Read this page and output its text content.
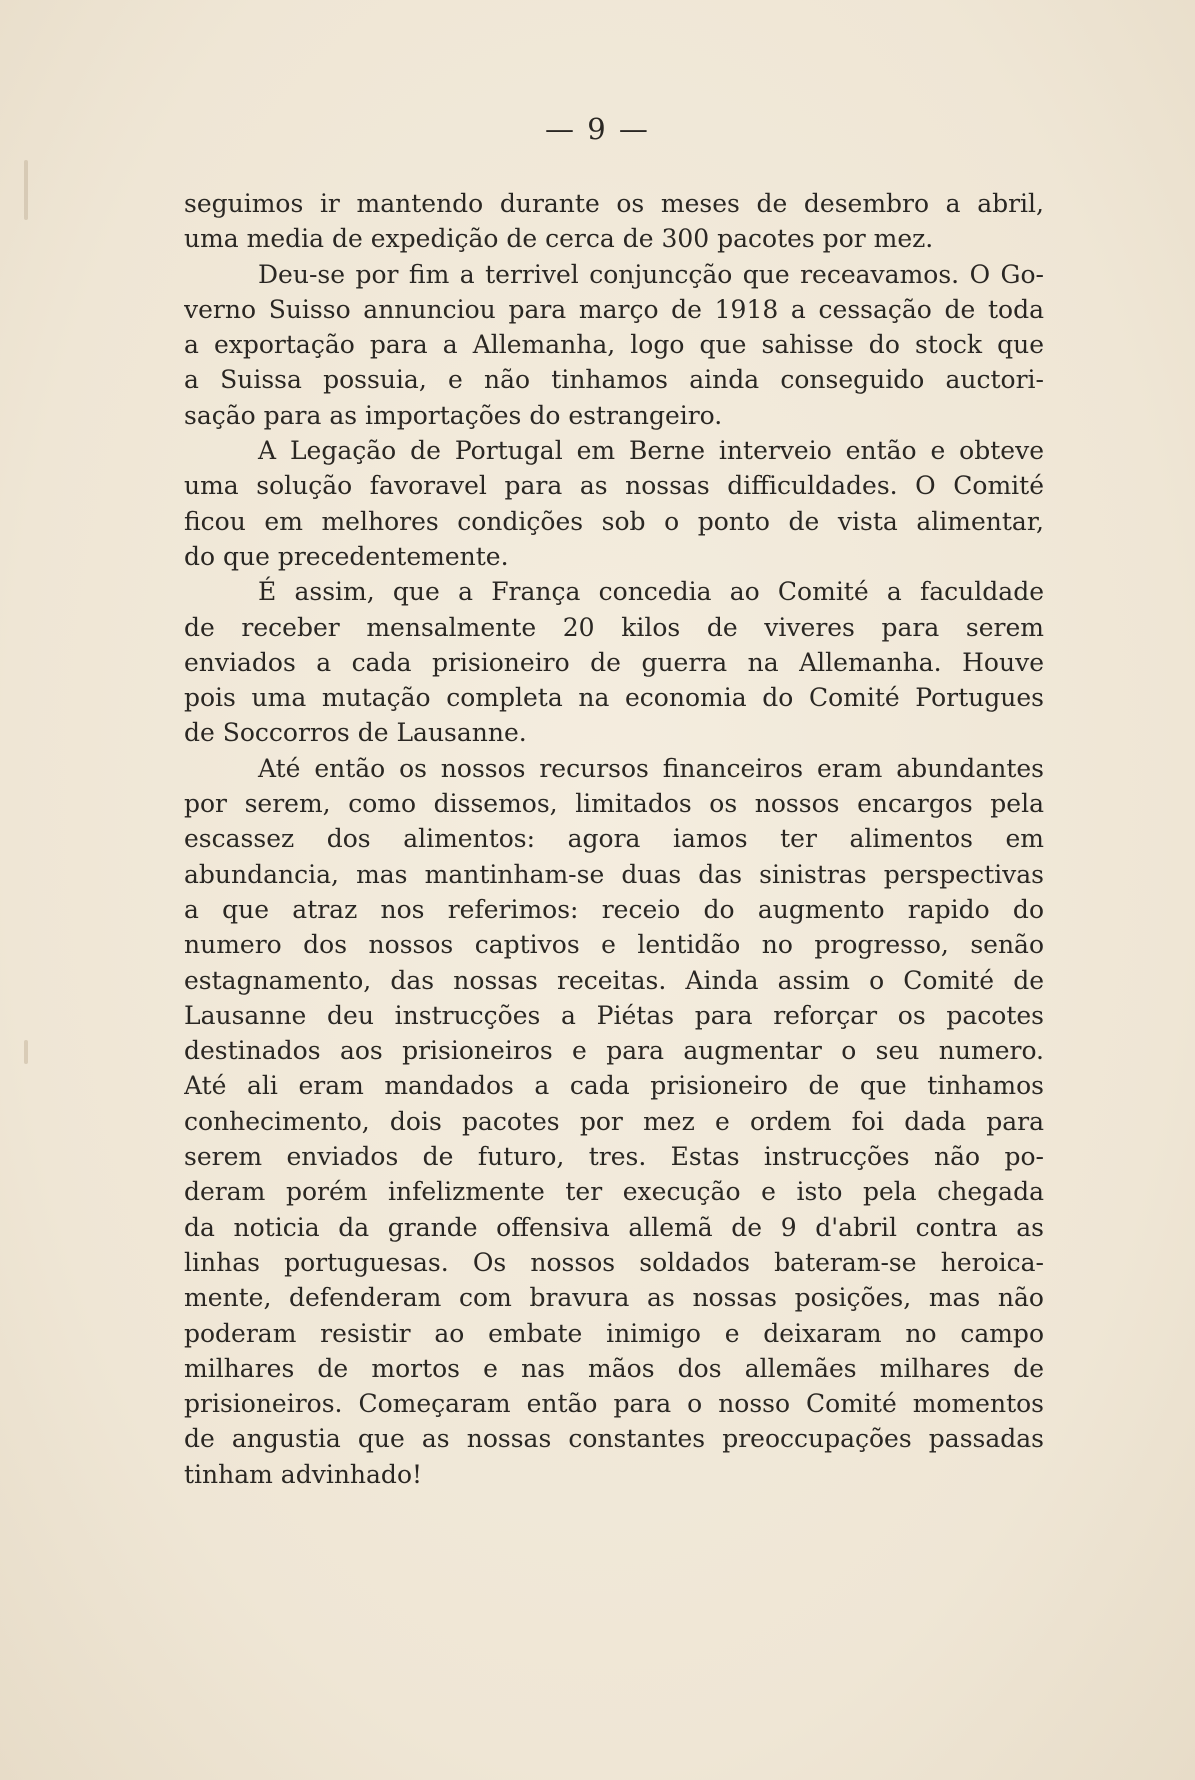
— 9 —
seguimos ir mantendo durante os meses de desembro a abril,
uma media de expedição de cerca de 300 pacotes por mez.
Deu-se por fim a terrivel conjuncção que receavamos. O Go-
verno Suisso annunciou para março de 1918 a cessação de toda
a exportação para a Allemanha, logo que sahisse do stock que
a Suissa possuia, e não tinhamos ainda conseguido auctori-
sação para as importações do estrangeiro.
A Legação de Portugal em Berne interveio então e obteve
uma solução favoravel para as nossas difficuldades. O Comité
ficou em melhores condições sob o ponto de vista alimentar,
do que precedentemente.
É assim, que a França concedia ao Comité a faculdade
de receber mensalmente 20 kilos de viveres para serem
enviados a cada prisioneiro de guerra na Allemanha. Houve
pois uma mutação completa na economia do Comité Portugues
de Soccorros de Lausanne.
Até então os nossos recursos financeiros eram abundantes
por serem, como dissemos, limitados os nossos encargos pela
escassez dos alimentos: agora iamos ter alimentos em
abundancia, mas mantinham-se duas das sinistras perspectivas
a que atraz nos referimos: receio do augmento rapido do
numero dos nossos captivos e lentidão no progresso, senão
estagnamento, das nossas receitas. Ainda assim o Comité de
Lausanne deu instrucções a Piétas para reforçar os pacotes
destinados aos prisioneiros e para augmentar o seu numero.
Até ali eram mandados a cada prisioneiro de que tinhamos
conhecimento, dois pacotes por mez e ordem foi dada para
serem enviados de futuro, tres. Estas instrucções não po-
deram porém infelizmente ter execução e isto pela chegada
da noticia da grande offensiva allemã de 9 d'abril contra as
linhas portuguesas. Os nossos soldados bateram-se heroica-
mente, defenderam com bravura as nossas posições, mas não
poderam resistir ao embate inimigo e deixaram no campo
milhares de mortos e nas mãos dos allemães milhares de
prisioneiros. Começaram então para o nosso Comité momentos
de angustia que as nossas constantes preoccupações passadas
tinham advinhado!
